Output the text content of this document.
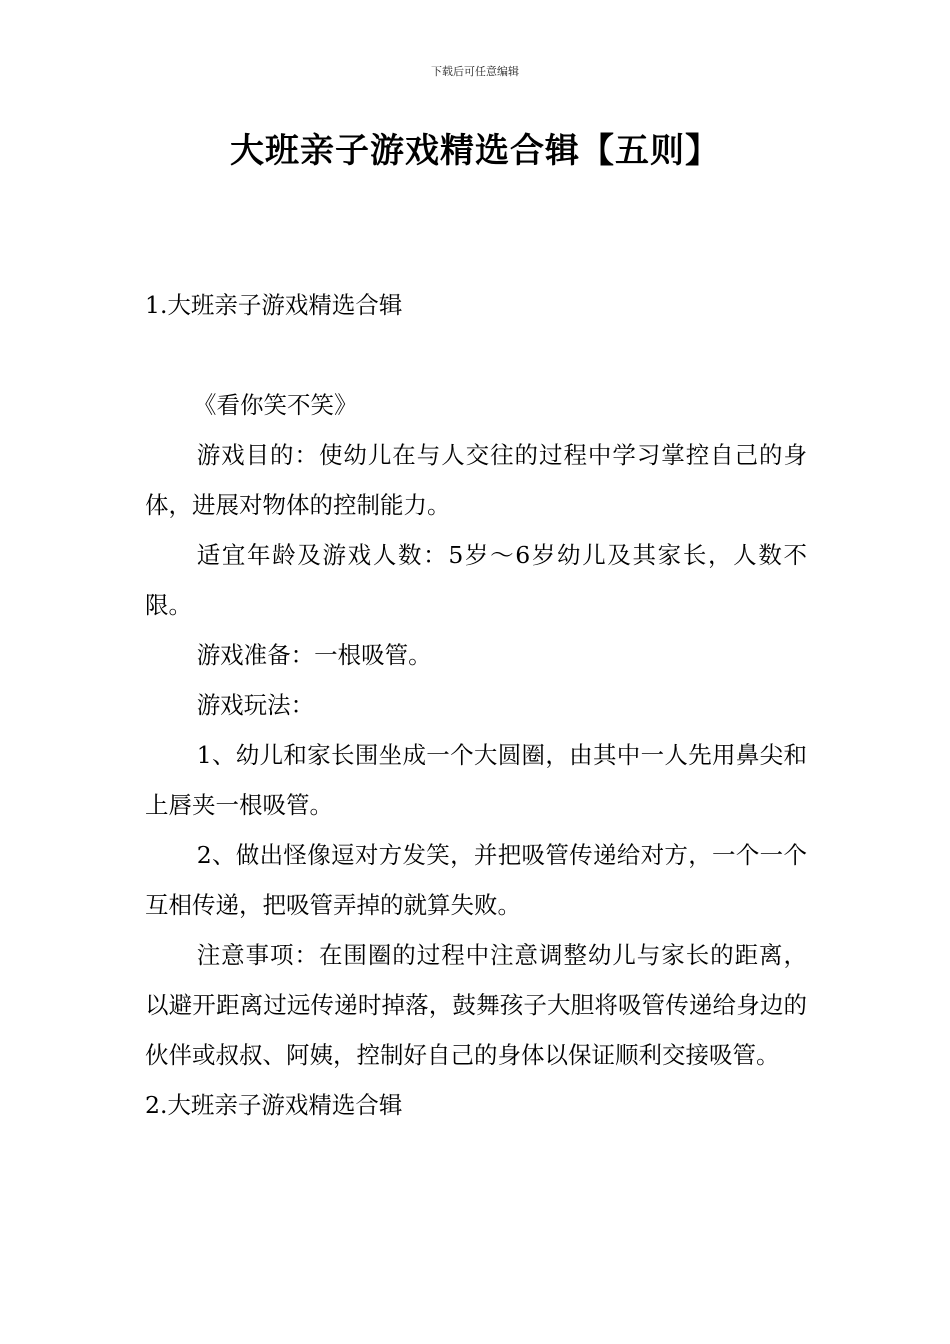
下载后可任意编辑
大班亲子游戏精选合辑【五则】

1.大班亲子游戏精选合辑

《看你笑不笑》

游戏目的：使幼儿在与人交往的过程中学习掌控自己的身体，进展对物体的控制能力。

适宜年龄及游戏人数：5岁～6岁幼儿及其家长，人数不限。

游戏准备：一根吸管。

游戏玩法：

1、幼儿和家长围坐成一个大圆圈，由其中一人先用鼻尖和上唇夹一根吸管。

2、做出怪像逗对方发笑，并把吸管传递给对方，一个一个互相传递，把吸管弄掉的就算失败。

注意事项：在围圈的过程中注意调整幼儿与家长的距离，以避开距离过远传递时掉落，鼓舞孩子大胆将吸管传递给身边的伙伴或叔叔、阿姨，控制好自己的身体以保证顺利交接吸管。

2.大班亲子游戏精选合辑
